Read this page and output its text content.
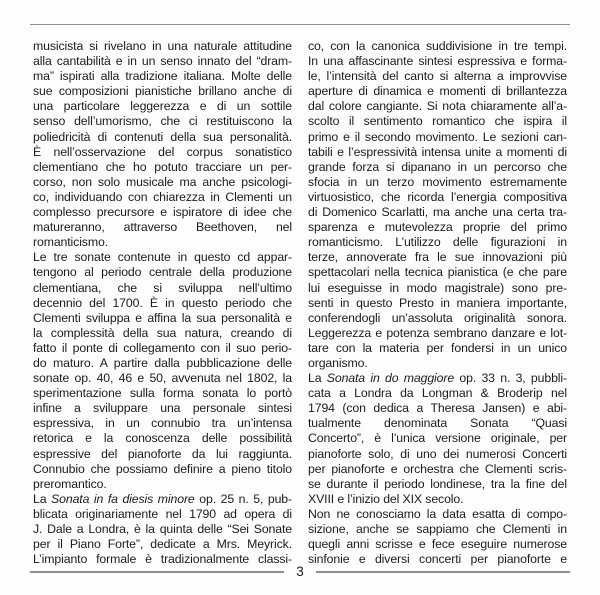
musicista si rivelano in una naturale attitudine
alla cantabilità e in un senso innato del “dram-
ma” ispirati alla tradizione italiana. Molte delle
sue composizioni pianistiche brillano anche di
una particolare leggerezza e di un sottile
senso dell’umorismo, che ci restituiscono la
poliedricità di contenuti della sua personalità.
È nell’osservazione del corpus sonatistico
clementiano che ho potuto tracciare un per-
corso, non solo musicale ma anche psicologi-
co, individuando con chiarezza in Clementi un
complesso precursore e ispiratore di idee che
matureranno, attraverso Beethoven, nel
romanticismo.
Le tre sonate contenute in questo cd appar-
tengono al periodo centrale della produzione
clementiana, che si sviluppa nell’ultimo
decennio del 1700. È in questo periodo che
Clementi sviluppa e affina la sua personalità e
la complessità della sua natura, creando di
fatto il ponte di collegamento con il suo perio-
do maturo. A partire dalla pubblicazione delle
sonate op. 40, 46 e 50, avvenuta nel 1802, la
sperimentazione sulla forma sonata lo portò
infine a sviluppare una personale sintesi
espressiva, in un connubio tra un’intensa
retorica e la conoscenza delle possibilità
espressive del pianoforte da lui raggiunta.
Connubio che possiamo definire a pieno titolo
preromantico.
La Sonata in fa diesis minore op. 25 n. 5, pub-
blicata originariamente nel 1790 ad opera di
J. Dale a Londra, è la quinta delle “Sei Sonate
per il Piano Forte”, dedicate a Mrs. Meyrick.
L’impianto formale è tradizionalmente classi-
co, con la canonica suddivisione in tre tempi.
In una affascinante sintesi espressiva e forma-
le, l’intensità del canto si alterna a improvvise
aperture di dinamica e momenti di brillantezza
dal colore cangiante. Si nota chiaramente all’a-
scolto il sentimento romantico che ispira il
primo e il secondo movimento. Le sezioni can-
tabili e l’espressività intensa unite a momenti di
grande forza si dipanano in un percorso che
sfocia in un terzo movimento estremamente
virtuosistico, che ricorda l’energia compositiva
di Domenico Scarlatti, ma anche una certa tra-
sparenza e mutevolezza proprie del primo
romanticismo. L’utilizzo delle figurazioni in
terze, annoverate fra le sue innovazioni più
spettacolari nella tecnica pianistica (e che pare
lui eseguisse in modo magistrale) sono pre-
senti in questo Presto in maniera importante,
conferendogli un’assoluta originalità sonora.
Leggerezza e potenza sembrano danzare e lot-
tare con la materia per fondersi in un unico
organismo.
La Sonata in do maggiore op. 33 n. 3, pubbli-
cata a Londra da Longman & Broderip nel
1794 (con dedica a Theresa Jansen) e abi-
tualmente denominata Sonata “Quasi
Concerto”, è l’unica versione originale, per
pianoforte solo, di uno dei numerosi Concerti
per pianoforte e orchestra che Clementi scris-
se durante il periodo londinese, tra la fine del
XVIII e l’inizio del XIX secolo.
Non ne conosciamo la data esatta di compo-
sizione, anche se sappiamo che Clementi in
quegli anni scrisse e fece eseguire numerose
sinfonie e diversi concerti per pianoforte e
3
